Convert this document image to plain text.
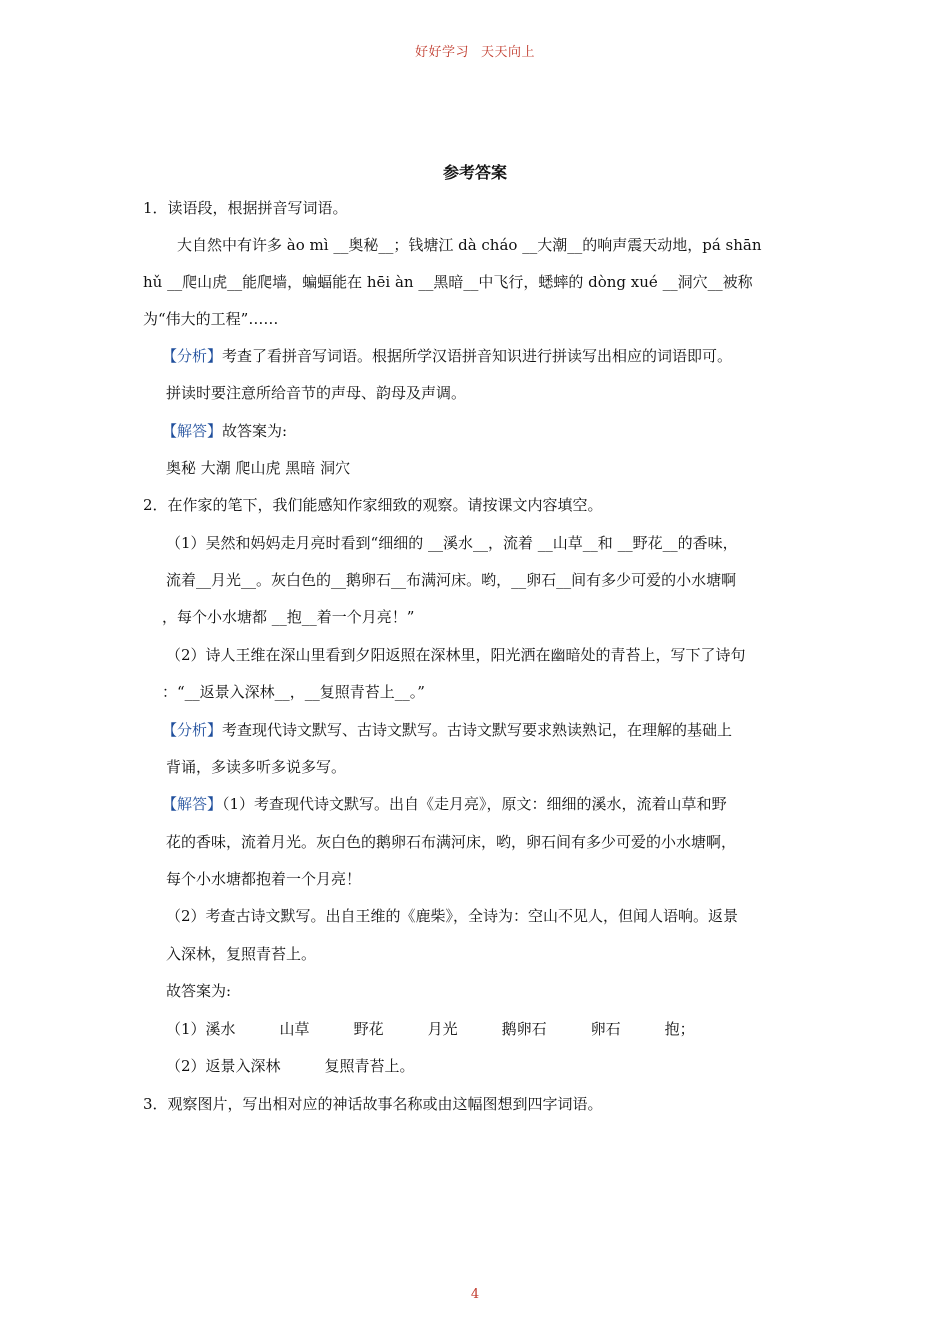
好好学习 天天向上
参考答案
1．读语段，根据拼音写词语。
大自然中有许多 ào mì __奥秘__；钱塘江 dà cháo __大潮__的响声震天动地，pá shān
hǔ __爬山虎__能爬墙，蝙蝠能在 hēi àn __黑暗__中飞行，蟋蟀的 dòng xué __洞穴__被称
为“伟大的工程”……
【分析】考查了看拼音写词语。根据所学汉语拼音知识进行拼读写出相应的词语即可。
拼读时要注意所给音节的声母、韵母及声调。
【解答】故答案为:
奥秘 大潮 爬山虎 黑暗 洞穴
2．在作家的笔下，我们能感知作家细致的观察。请按课文内容填空。
（1）吴然和妈妈走月亮时看到“细细的 __溪水__，流着 __山草__和 __野花__的香味，
流着__月光__。灰白色的__鹅卵石__布满河床。哟，__卵石__间有多少可爱的小水塘啊
，每个小水塘都 __抱__着一个月亮！”
（2）诗人王维在深山里看到夕阳返照在深林里，阳光洒在幽暗处的青苔上，写下了诗句
：“__返景入深林__，__复照青苔上__。”
【分析】考查现代诗文默写、古诗文默写。古诗文默写要求熟读熟记，在理解的基础上
背诵，多读多听多说多写。
【解答】（1）考查现代诗文默写。出自《走月亮》，原文：细细的溪水，流着山草和野
花的香味，流着月光。灰白色的鹅卵石布满河床，哟，卵石间有多少可爱的小水塘啊，
每个小水塘都抱着一个月亮！
（2）考查古诗文默写。出自王维的《鹿柴》，全诗为：空山不见人，但闻人语响。返景
入深林，复照青苔上。
故答案为:
（1）溪水	山草	野花	月光	鹅卵石	卵石	抱；
（2）返景入深林	复照青苔上。
3．观察图片，写出相对应的神话故事名称或由这幅图想到四字词语。
4
